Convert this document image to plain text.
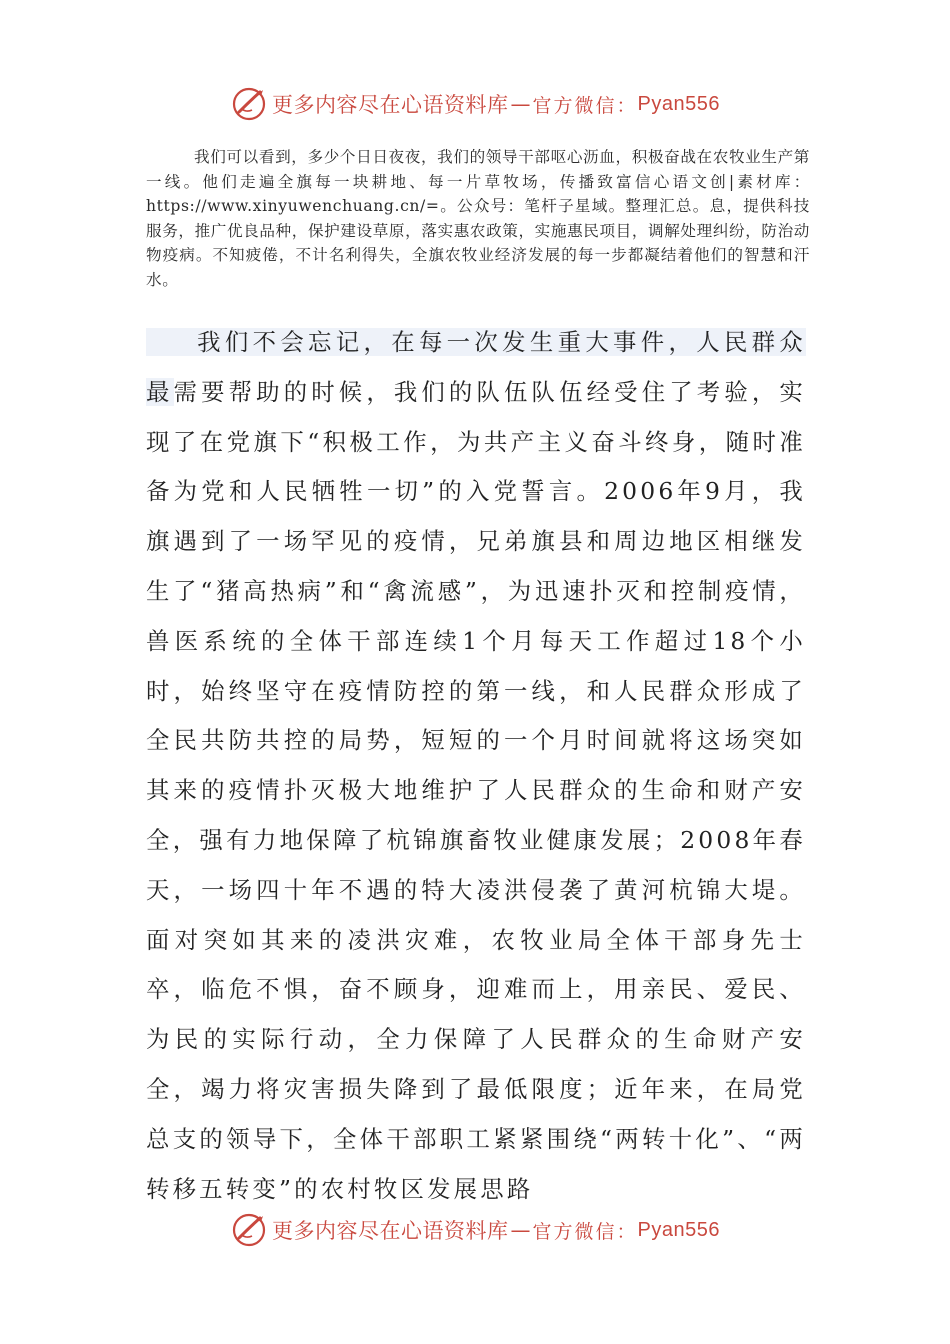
更多内容尽在心语资料库 — 官方微信： Pyan556

我们可以看到，多少个日日夜夜，我们的领导干部呕心沥血，积极奋战在农牧业生产第一线。他们走遍全旗每一块耕地、每一片草牧场，传播致富信心语文创|素材库：https://www.xinyuwenchuang.cn/=。公众号：笔杆子星域。整理汇总。息，提供科技服务，推广优良品种，保护建设草原，落实惠农政策，实施惠民项目，调解处理纠纷，防治动物疫病。不知疲倦，不计名利得失，全旗农牧业经济发展的每一步都凝结着他们的智慧和汗水。

我们不会忘记，在每一次发生重大事件，人民群众最需要帮助的时候，我们的队伍队伍经受住了考验，实现了在党旗下“积极工作，为共产主义奋斗终身，随时准备为党和人民牺牲一切”的入党誓言。2006年9月，我旗遇到了一场罕见的疫情，兄弟旗县和周边地区相继发生了“猪高热病”和“禽流感”，为迅速扑灭和控制疫情，兽医系统的全体干部连续1个月每天工作超过18个小时，始终坚守在疫情防控的第一线，和人民群众形成了全民共防共控的局势，短短的一个月时间就将这场突如其来的疫情扑灭极大地维护了人民群众的生命和财产安全，强有力地保障了杭锦旗畜牧业健康发展；2008年春天，一场四十年不遇的特大凌洪侵袭了黄河杭锦大堤。面对突如其来的凌洪灾难，农牧业局全体干部身先士卒，临危不惧，奋不顾身，迎难而上，用亲民、爱民、为民的实际行动，全力保障了人民群众的生命财产安全，竭力将灾害损失降到了最低限度；近年来，在局党总支的领导下，全体干部职工紧紧围绕“两转十化”、“两转移五转变”的农村牧区发展思路

更多内容尽在心语资料库 — 官方微信： Pyan556
